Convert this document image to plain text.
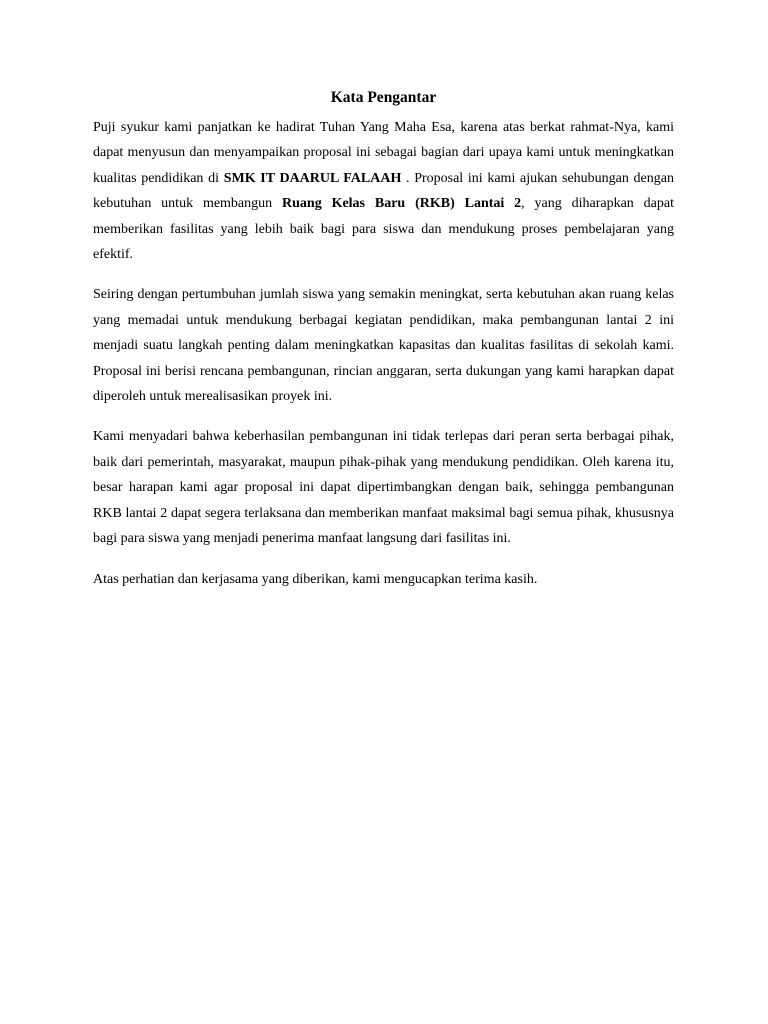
Kata Pengantar

Puji syukur kami panjatkan ke hadirat Tuhan Yang Maha Esa, karena atas berkat rahmat-Nya, kami dapat menyusun dan menyampaikan proposal ini sebagai bagian dari upaya kami untuk meningkatkan kualitas pendidikan di SMK IT DAARUL FALAAH . Proposal ini kami ajukan sehubungan dengan kebutuhan untuk membangun Ruang Kelas Baru (RKB) Lantai 2, yang diharapkan dapat memberikan fasilitas yang lebih baik bagi para siswa dan mendukung proses pembelajaran yang efektif.

Seiring dengan pertumbuhan jumlah siswa yang semakin meningkat, serta kebutuhan akan ruang kelas yang memadai untuk mendukung berbagai kegiatan pendidikan, maka pembangunan lantai 2 ini menjadi suatu langkah penting dalam meningkatkan kapasitas dan kualitas fasilitas di sekolah kami. Proposal ini berisi rencana pembangunan, rincian anggaran, serta dukungan yang kami harapkan dapat diperoleh untuk merealisasikan proyek ini.

Kami menyadari bahwa keberhasilan pembangunan ini tidak terlepas dari peran serta berbagai pihak, baik dari pemerintah, masyarakat, maupun pihak-pihak yang mendukung pendidikan. Oleh karena itu, besar harapan kami agar proposal ini dapat dipertimbangkan dengan baik, sehingga pembangunan RKB lantai 2 dapat segera terlaksana dan memberikan manfaat maksimal bagi semua pihak, khususnya bagi para siswa yang menjadi penerima manfaat langsung dari fasilitas ini.

Atas perhatian dan kerjasama yang diberikan, kami mengucapkan terima kasih.
